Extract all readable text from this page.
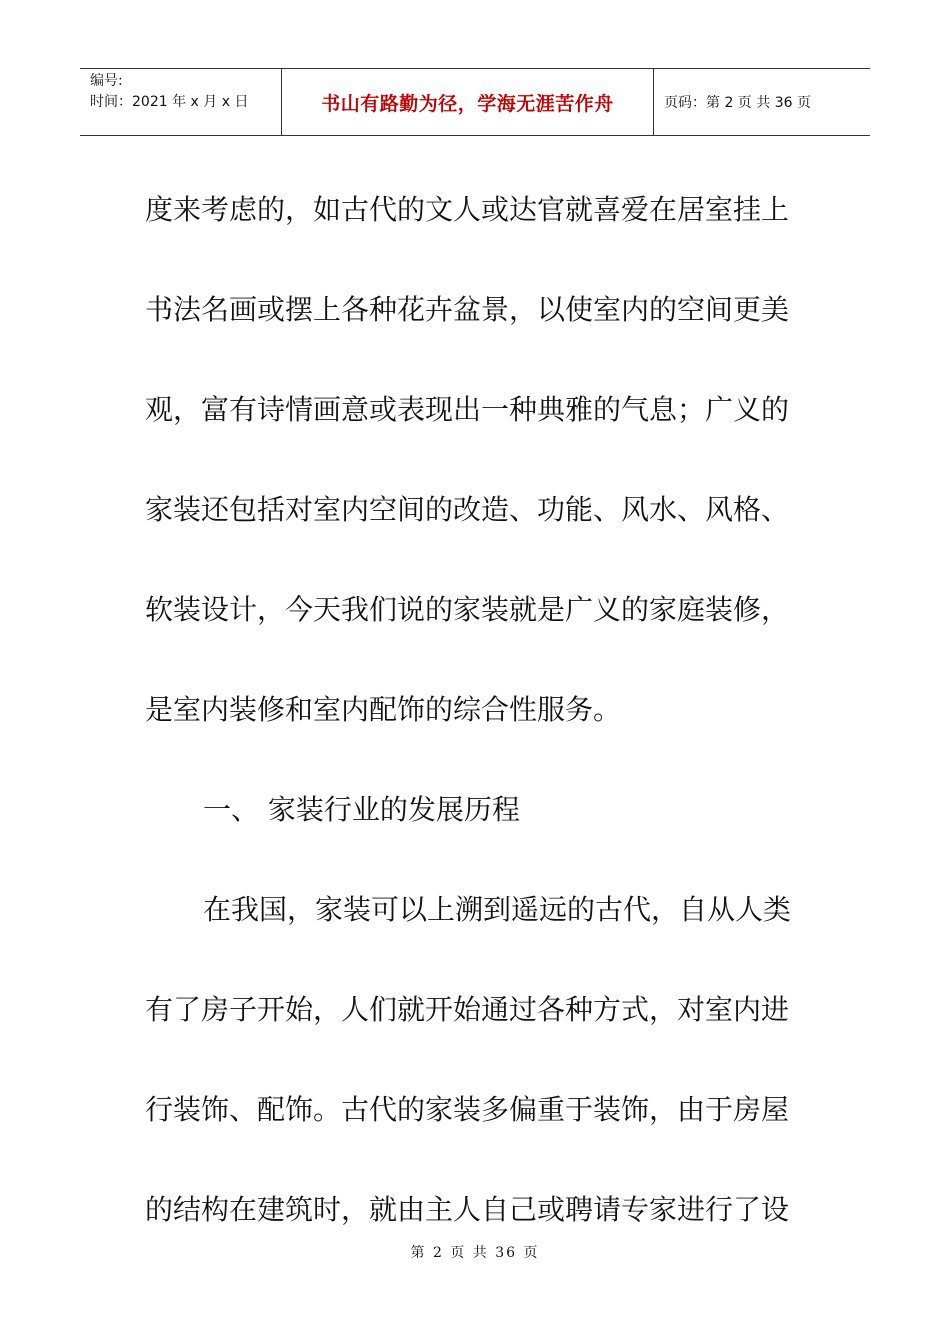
编号:
时间：2021 年 x 月 x 日	书山有路勤为径，学海无涯苦作舟	页码：第 2 页 共 36 页

度来考虑的，如古代的文人或达官就喜爱在居室挂上

书法名画或摆上各种花卉盆景，以使室内的空间更美

观，富有诗情画意或表现出一种典雅的气息；广义的

家装还包括对室内空间的改造、功能、风水、风格、

软装设计，今天我们说的家装就是广义的家庭装修，

是室内装修和室内配饰的综合性服务。

一、 家装行业的发展历程

在我国，家装可以上溯到遥远的古代，自从人类

有了房子开始，人们就开始通过各种方式，对室内进

行装饰、配饰。古代的家装多偏重于装饰，由于房屋

的结构在建筑时，就由主人自己或聘请专家进行了设

第 2 页 共 36 页
